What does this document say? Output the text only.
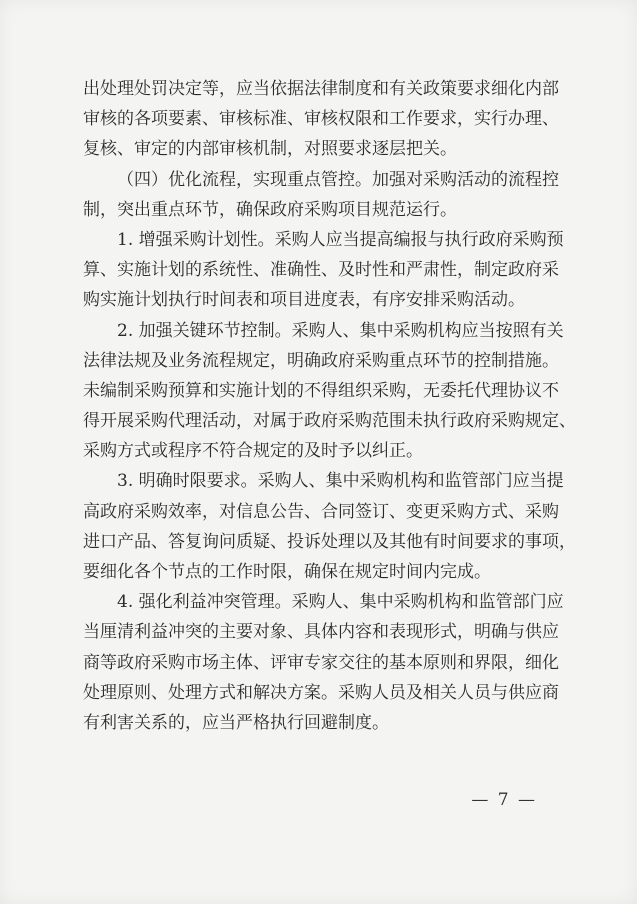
出处理处罚决定等，应当依据法律制度和有关政策要求细化内部
审核的各项要素、审核标准、审核权限和工作要求，实行办理、
复核、审定的内部审核机制，对照要求逐层把关。
（四）优化流程，实现重点管控。加强对采购活动的流程控
制，突出重点环节，确保政府采购项目规范运行。
1. 增强采购计划性。采购人应当提高编报与执行政府采购预
算、实施计划的系统性、准确性、及时性和严肃性，制定政府采
购实施计划执行时间表和项目进度表，有序安排采购活动。
2. 加强关键环节控制。采购人、集中采购机构应当按照有关
法律法规及业务流程规定，明确政府采购重点环节的控制措施。
未编制采购预算和实施计划的不得组织采购，无委托代理协议不
得开展采购代理活动，对属于政府采购范围未执行政府采购规定、
采购方式或程序不符合规定的及时予以纠正。
3. 明确时限要求。采购人、集中采购机构和监管部门应当提
高政府采购效率，对信息公告、合同签订、变更采购方式、采购
进口产品、答复询问质疑、投诉处理以及其他有时间要求的事项，
要细化各个节点的工作时限，确保在规定时间内完成。
4. 强化利益冲突管理。采购人、集中采购机构和监管部门应
当厘清利益冲突的主要对象、具体内容和表现形式，明确与供应
商等政府采购市场主体、评审专家交往的基本原则和界限，细化
处理原则、处理方式和解决方案。采购人员及相关人员与供应商
有利害关系的，应当严格执行回避制度。
— 7 —
